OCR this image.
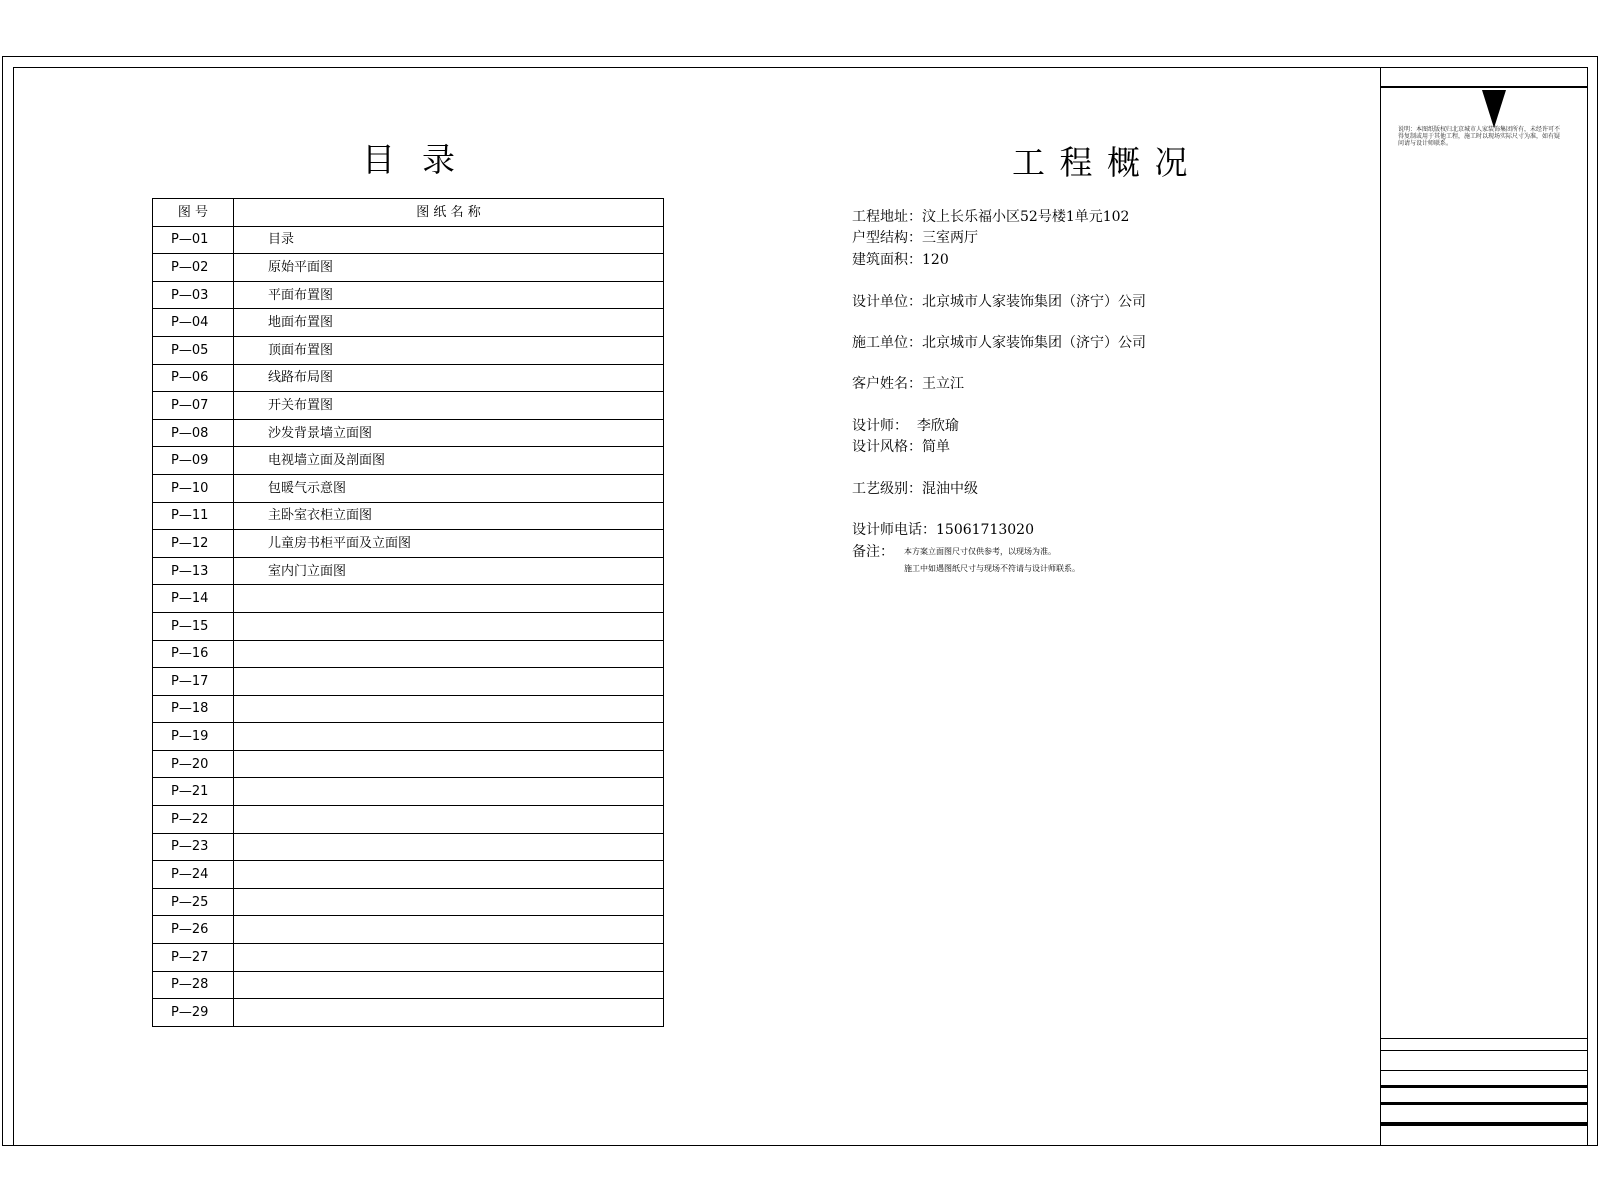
说明：本图纸版权归北京城市人家装饰集团所有，未经许可不得复制或用于其他工程，施工时以现场实际尺寸为准，如有疑问请与设计师联系。
目  录
图 号	图 纸 名 称
P—01	目录
P—02	原始平面图
P—03	平面布置图
P—04	地面布置图
P—05	顶面布置图
P—06	线路布局图
P—07	开关布置图
P—08	沙发背景墙立面图
P—09	电视墙立面及剖面图
P—10	包暖气示意图
P—11	主卧室衣柜立面图
P—12	儿童房书柜平面及立面图
P—13	室内门立面图
P—14	
P—15	
P—16	
P—17	
P—18	
P—19	
P—20	
P—21	
P—22	
P—23	
P—24	
P—25	
P—26	
P—27	
P—28	
P—29	
工 程 概 况
工程地址：汶上长乐福小区52号楼1单元102
户型结构：三室两厅
建筑面积：120
设计单位：北京城市人家装饰集团（济宁）公司
施工单位：北京城市人家装饰集团（济宁）公司
客户姓名：王立江
设计师：  李欣瑜
设计风格：简单
工艺级别：混油中级
设计师电话：15061713020
备注： 本方案立面图尺寸仅供参考，以现场为准。
施工中如遇图纸尺寸与现场不符请与设计师联系。
